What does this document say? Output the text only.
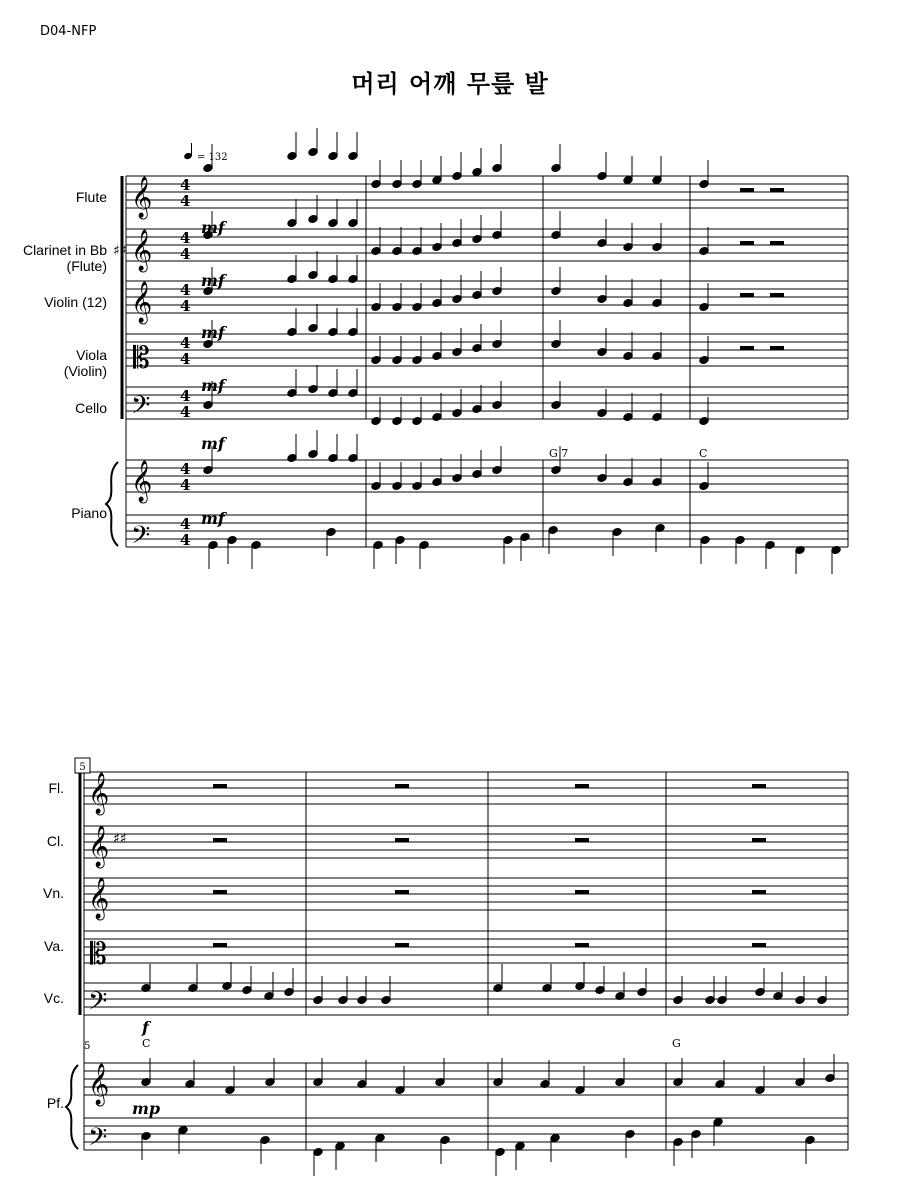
D04-NFP
머리 어깨 무릎 발
𝄞
𝄞
𝄞
𝄡
𝄢
𝄞
𝄢
4
4
4
4
4
4
4
4
4
4
4
4
4
4
𝄞
𝄞
𝄞
𝄡
𝄢
𝄞
𝄢
♯♯
♯♯
= 132
Flute
Clarinet in Bb
(Flute)
Violin (12)
Viola
(Violin)
Cello
Piano
mf
mf
mf
mf
mf
mf
G 7	C
Fl.
Cl.
Vn.
Va.
Vc.
Pf.
5
5
f
mp
C	G
